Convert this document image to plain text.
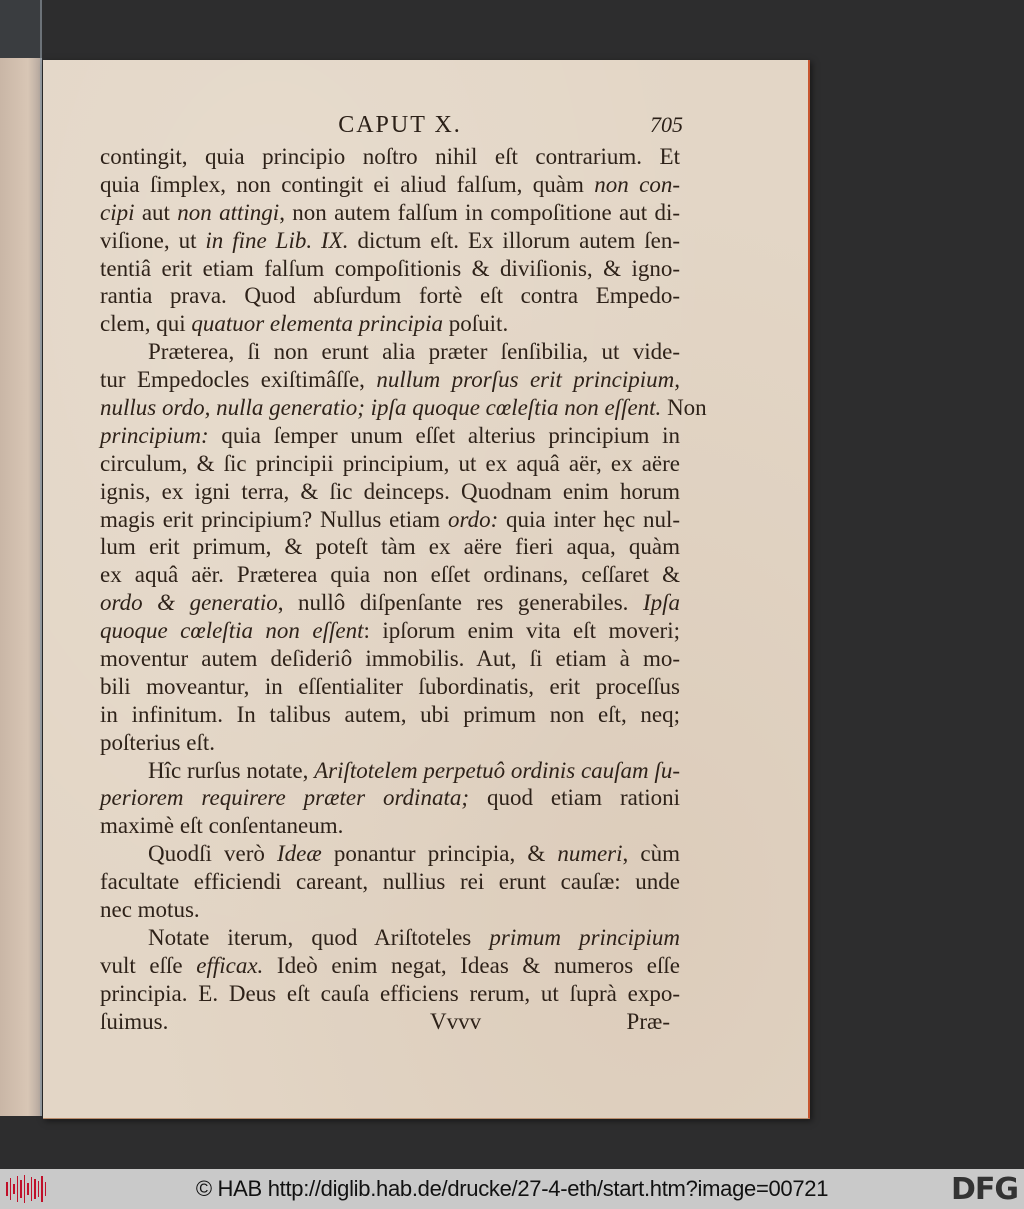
CAPUT X.	705
contingit, quia principio noſtro nihil eſt contrarium. Et
quia ſimplex, non contingit ei aliud falſum, quàm non con-
cipi aut non attingi, non autem falſum in compoſitione aut di-
viſione, ut in fine Lib. IX. dictum eſt. Ex illorum autem ſen-
tentiâ erit etiam falſum compoſitionis & diviſionis, & igno-
rantia prava. Quod abſurdum fortè eſt contra Empedo-
clem, qui quatuor elementa principia poſuit.
Præterea, ſi non erunt alia præter ſenſibilia, ut vide-
tur Empedocles exiſtimâſſe, nullum prorſus erit principium,
nullus ordo, nulla generatio; ipſa quoque cœleſtia non eſſent. Non
principium: quia ſemper unum eſſet alterius principium in
circulum, & ſic principii principium, ut ex aquâ aër, ex aëre
ignis, ex igni terra, & ſic deinceps. Quodnam enim horum
magis erit principium? Nullus etiam ordo: quia inter hęc nul-
lum erit primum, & poteſt tàm ex aëre fieri aqua, quàm
ex aquâ aër. Præterea quia non eſſet ordinans, ceſſaret &
ordo & generatio, nullô diſpenſante res generabiles. Ipſa
quoque cœleſtia non eſſent: ipſorum enim vita eſt moveri;
moventur autem deſideriô immobilis. Aut, ſi etiam à mo-
bili moveantur, in eſſentialiter ſubordinatis, erit proceſſus
in infinitum. In talibus autem, ubi primum non eſt, neq;
poſterius eſt.
Hîc rurſus notate, Ariſtotelem perpetuô ordinis cauſam ſu-
periorem requirere præter ordinata; quod etiam rationi
maximè eſt conſentaneum.
Quodſi verò Ideæ ponantur principia, & numeri, cùm
facultate efficiendi careant, nullius rei erunt cauſæ: unde
nec motus.
Notate iterum, quod Ariſtoteles primum principium
vult eſſe efficax. Ideò enim negat, Ideas & numeros eſſe
principia. E. Deus eſt cauſa efficiens rerum, ut ſuprà expo-
ſuimus.	Vvvv	Præ-
© HAB http://diglib.hab.de/drucke/27-4-eth/start.htm?image=00721	DFG
